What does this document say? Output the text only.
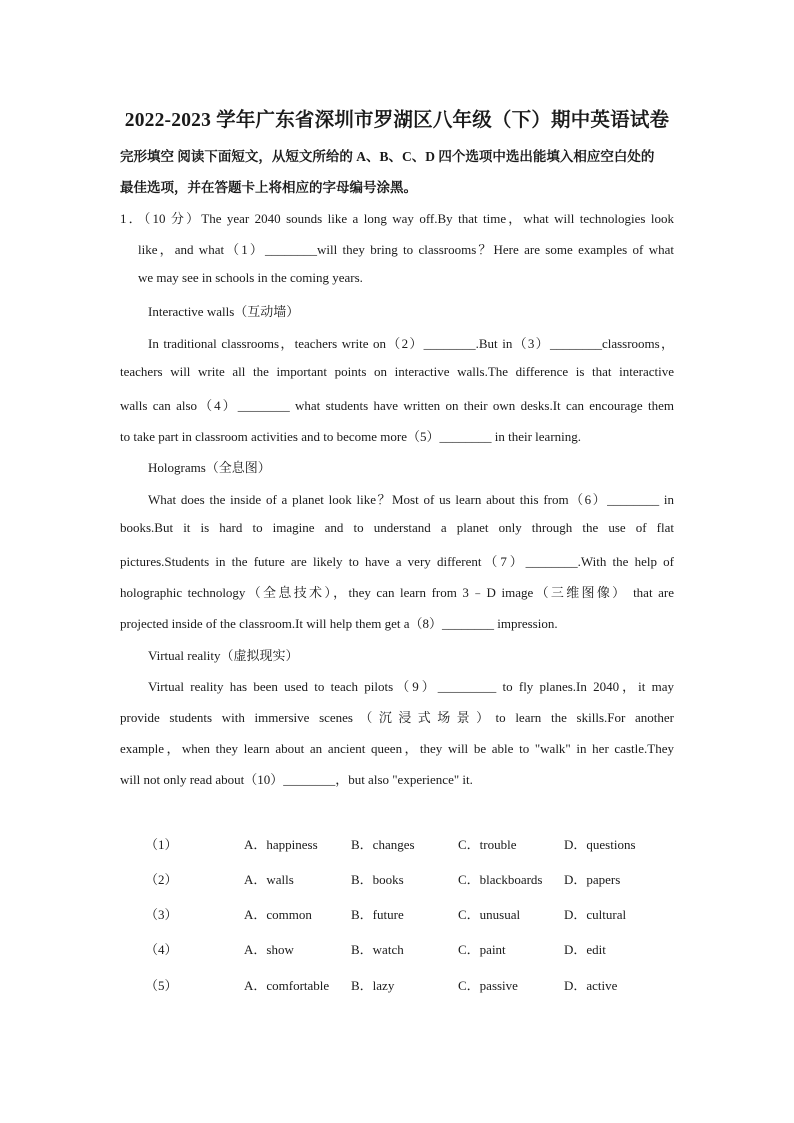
2022-2023 学年广东省深圳市罗湖区八年级（下）期中英语试卷
完形填空 阅读下面短文，从短文所给的 A、B、C、D 四个选项中选出能填入相应空白处的
最佳选项，并在答题卡上将相应的字母编号涂黑。
1．（10 分）The year 2040 sounds like a long way off.By that time，what will technologies look
like，and what（1）________will they bring to classrooms？Here are some examples of what
we may see in schools in the coming years.
Interactive walls（互动墙）
In traditional classrooms，teachers write on（2）________.But in（3）________classrooms，
teachers will write all the important points on interactive walls.The difference is that interactive
walls can also（4）________ what students have written on their own desks.It can encourage them
to take part in classroom activities and to become more（5）________ in their learning.
Holograms（全息图）
What does the inside of a planet look like？Most of us learn about this from（6）________ in
books.But it is hard to imagine and to understand a planet only through the use of flat
pictures.Students in the future are likely to have a very different（7）________.With the help of
holographic technology（全息技术），they can learn from 3﹣D image（三维图像） that are
projected inside of the classroom.It will help them get a（8）________ impression.
Virtual reality（虚拟现实）
Virtual reality has been used to teach pilots（9）_________ to fly planes.In 2040，it may
provide students with immersive scenes（沉浸式场景）to learn the skills.For another
example，when they learn about an ancient queen，they will be able to "walk" in her castle.They
will not only read about（10）________，but also "experience" it.
（1）	A．happiness	B．changes	C．trouble	D．questions
（2）	A．walls	B．books	C．blackboards D．papers
（3）	A．common	B．future	C．unusual	D．cultural
（4）	A．show	B．watch	C．paint	D．edit
（5）	A．comfortable B．lazy	C．passive	D．active
